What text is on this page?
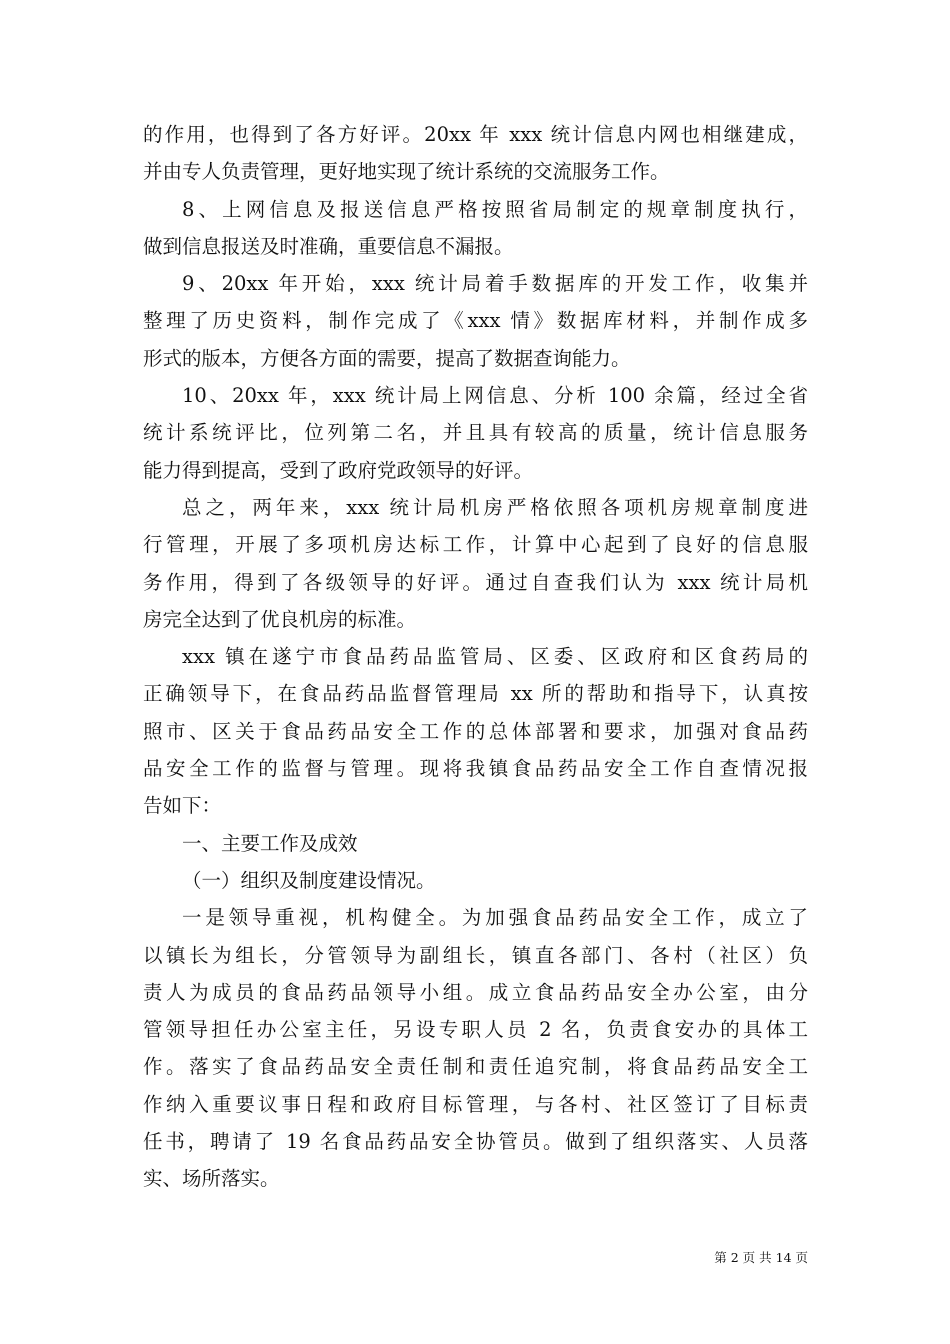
的作用，也得到了各方好评。20xx 年 xxx 统计信息内网也相继建成，
并由专人负责管理，更好地实现了统计系统的交流服务工作。
8、上网信息及报送信息严格按照省局制定的规章制度执行，
做到信息报送及时准确，重要信息不漏报。
9、20xx 年开始，xxx 统计局着手数据库的开发工作，收集并
整理了历史资料，制作完成了《xxx 情》数据库材料，并制作成多
形式的版本，方便各方面的需要，提高了数据查询能力。
10、20xx 年，xxx 统计局上网信息、分析 100 余篇，经过全省
统计系统评比，位列第二名，并且具有较高的质量，统计信息服务
能力得到提高，受到了政府党政领导的好评。
总之，两年来，xxx 统计局机房严格依照各项机房规章制度进
行管理，开展了多项机房达标工作，计算中心起到了良好的信息服
务作用，得到了各级领导的好评。通过自查我们认为 xxx 统计局机
房完全达到了优良机房的标准。
xxx 镇在遂宁市食品药品监管局、区委、区政府和区食药局的
正确领导下，在食品药品监督管理局 xx 所的帮助和指导下，认真按
照市、区关于食品药品安全工作的总体部署和要求，加强对食品药
品安全工作的监督与管理。现将我镇食品药品安全工作自查情况报
告如下：
一、主要工作及成效
（一）组织及制度建设情况。
一是领导重视，机构健全。为加强食品药品安全工作，成立了
以镇长为组长，分管领导为副组长，镇直各部门、各村（社区）负
责人为成员的食品药品领导小组。成立食品药品安全办公室，由分
管领导担任办公室主任，另设专职人员 2 名，负责食安办的具体工
作。落实了食品药品安全责任制和责任追究制，将食品药品安全工
作纳入重要议事日程和政府目标管理，与各村、社区签订了目标责
任书，聘请了 19 名食品药品安全协管员。做到了组织落实、人员落
实、场所落实。
第 2 页 共 14 页
